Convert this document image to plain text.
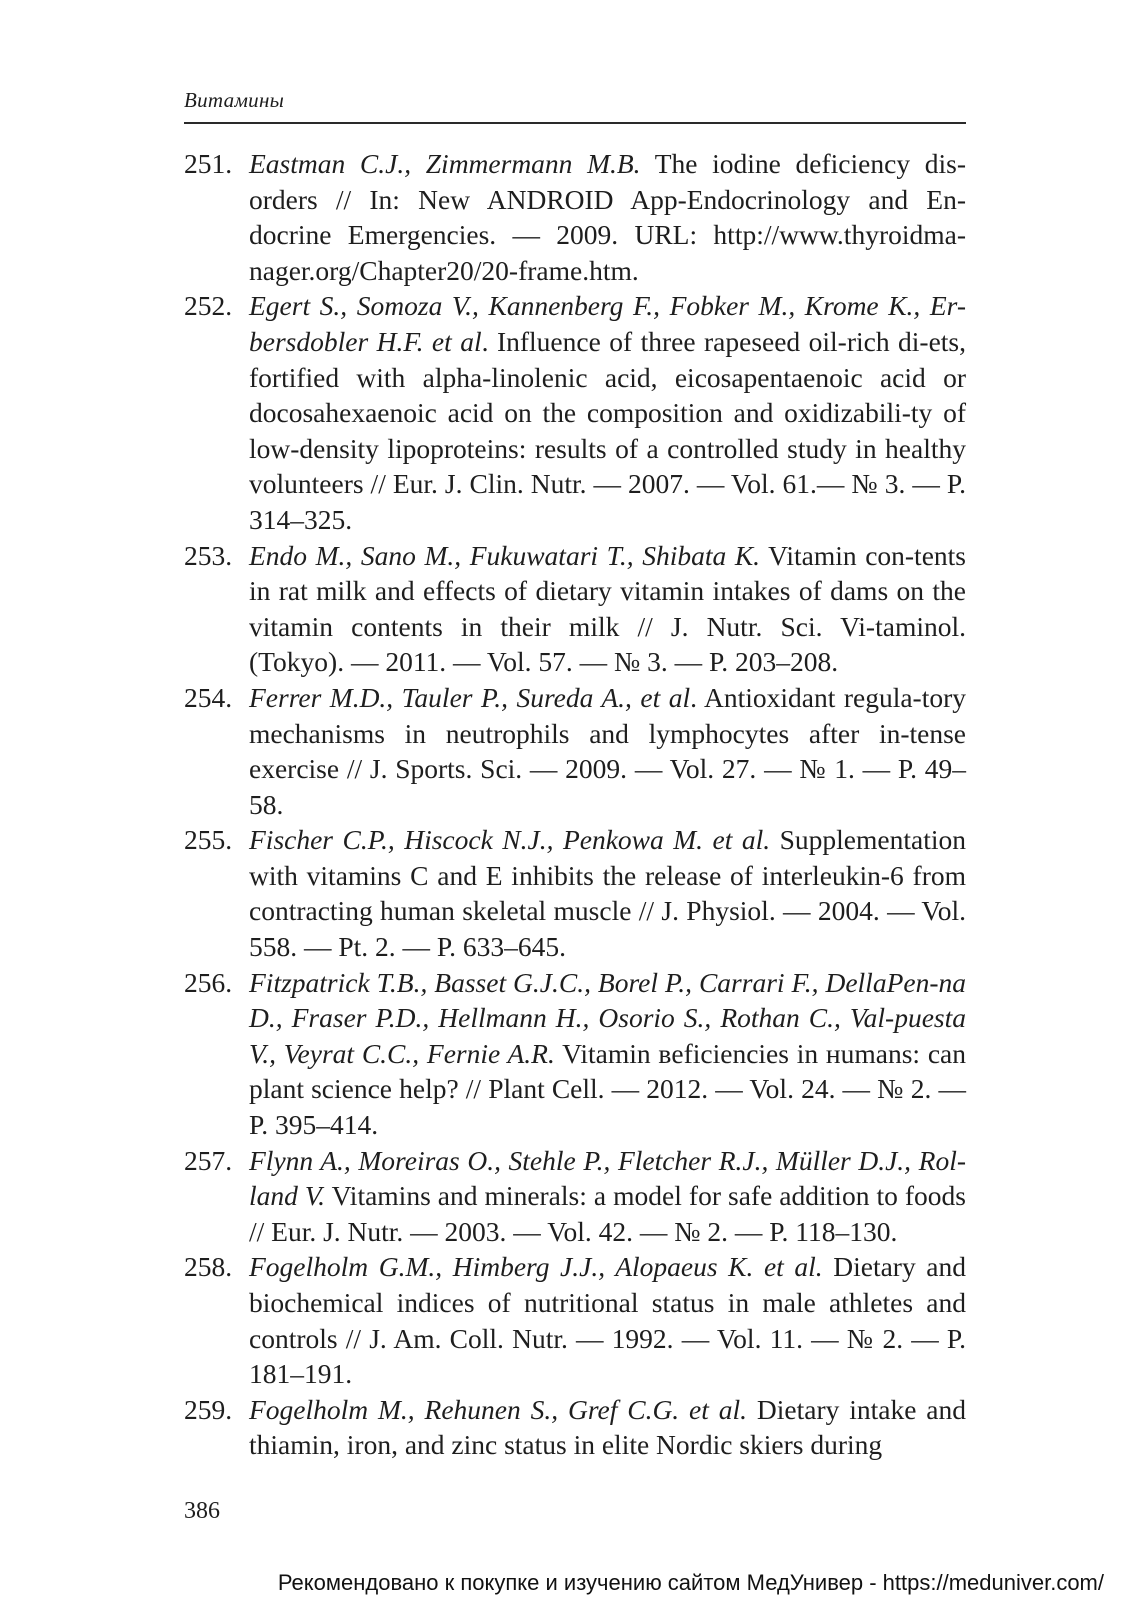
Витамины
251. Eastman C.J., Zimmermann M.B. The iodine deficiency dis-orders // In: New ANDROID App-Endocrinology and En-docrine Emergencies. — 2009. URL: http://www.thyroidma-nager.org/Chapter20/20-frame.htm.
252. Egert S., Somoza V., Kannenberg F., Fobker M., Krome K., Er-bersdobler H.F. et al. Influence of three rapeseed oil-rich di-ets, fortified with alpha-linolenic acid, eicosapentaenoic acid or docosahexaenoic acid on the composition and oxidizabili-ty of low-density lipoproteins: results of a controlled study in healthy volunteers // Eur. J. Clin. Nutr. — 2007. — Vol. 61.— № 3. — P. 314–325.
253. Endo M., Sano M., Fukuwatari T., Shibata K. Vitamin con-tents in rat milk and effects of dietary vitamin intakes of dams on the vitamin contents in their milk // J. Nutr. Sci. Vi-taminol. (Tokyo). — 2011. — Vol. 57. — № 3. — P. 203–208.
254. Ferrer M.D., Tauler P., Sureda A., et al. Antioxidant regula-tory mechanisms in neutrophils and lymphocytes after in-tense exercise // J. Sports. Sci. — 2009. — Vol. 27. — № 1. — P. 49–58.
255. Fischer C.P., Hiscock N.J., Penkowa M. et al. Supplementation with vitamins C and E inhibits the release of interleukin-6 from contracting human skeletal muscle // J. Physiol. — 2004. — Vol. 558. — Pt. 2. — P. 633–645.
256. Fitzpatrick T.B., Basset G.J.C., Borel P., Carrari F., DellaPen-na D., Fraser P.D., Hellmann H., Osorio S., Rothan C., Val-puesta V., Veyrat C.C., Fernie A.R. Vitamin вeficiencies in нumans: can plant science help? // Plant Cell. — 2012. — Vol. 24. — № 2. — P. 395–414.
257. Flynn A., Moreiras O., Stehle P., Fletcher R.J., Müller D.J., Rol-land V. Vitamins and minerals: a model for safe addition to foods // Eur. J. Nutr. — 2003. — Vol. 42. — № 2. — P. 118–130.
258. Fogelholm G.M., Himberg J.J., Alopaeus K. et al. Dietary and biochemical indices of nutritional status in male athletes and controls // J. Am. Coll. Nutr. — 1992. — Vol. 11. — № 2. — P. 181–191.
259. Fogelholm M., Rehunen S., Gref C.G. et al. Dietary intake and thiamin, iron, and zinc status in elite Nordic skiers during
386
Рекомендовано к покупке и изучению сайтом МедУнивер - https://meduniver.com/
